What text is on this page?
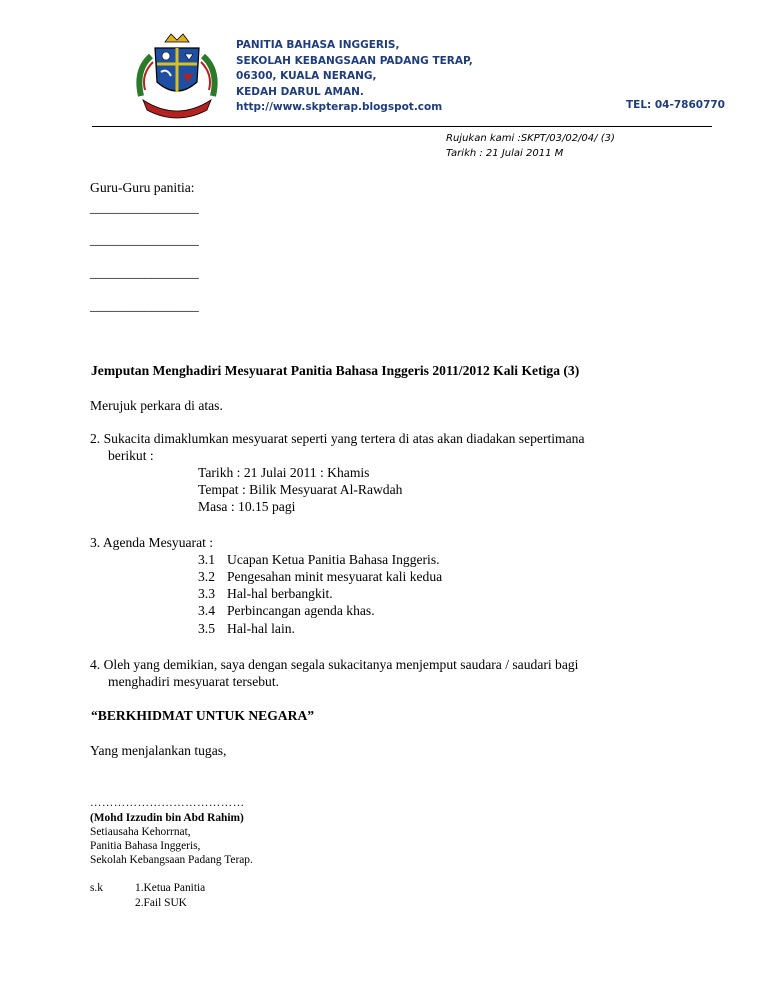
PANITIA BAHASA INGGERIS,
SEKOLAH KEBANGSAAN PADANG TERAP,
06300, KUALA NERANG,
KEDAH DARUL AMAN.
http://www.skpterap.blogspot.com	TEL: 04-7860770
Rujukan kami :SKPT/03/02/04/ (3)
Tarikh : 21 Julai 2011 M
Guru-Guru panitia:
________________
________________
________________
________________
Jemputan Menghadiri Mesyuarat Panitia Bahasa Inggeris 2011/2012 Kali Ketiga (3)
Merujuk perkara di atas.
2. Sukacita dimaklumkan mesyuarat seperti yang tertera di atas akan diadakan sepertimana
berikut :
Tarikh : 21 Julai 2011 : Khamis
Tempat : Bilik Mesyuarat Al-Rawdah
Masa : 10.15 pagi
3. Agenda Mesyuarat :
3.1 Ucapan Ketua Panitia Bahasa Inggeris.
3.2 Pengesahan minit mesyuarat kali kedua
3.3 Hal-hal berbangkit.
3.4 Perbincangan agenda khas.
3.5 Hal-hal lain.
4. Oleh yang demikian, saya dengan segala sukacitanya menjemput saudara / saudari bagi
menghadiri mesyuarat tersebut.
“BERKHIDMAT UNTUK NEGARA”
Yang menjalankan tugas,
…………………………………
(Mohd Izzudin bin Abd Rahim)
Setiausaha Kehorrnat,
Panitia Bahasa Inggeris,
Sekolah Kebangsaan Padang Terap.
s.k	1.Ketua Panitia
2.Fail SUK
